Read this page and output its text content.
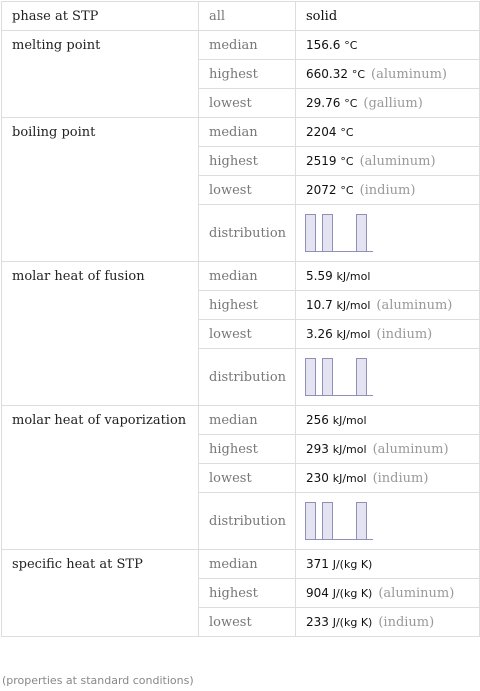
phase at STP	all	solid
melting point	median	156.6 °C
	highest	660.32 °C (aluminum)
	lowest	29.76 °C (gallium)
boiling point	median	2204 °C
	highest	2519 °C (aluminum)
	lowest	2072 °C (indium)
	distribution	

molar heat of fusion	median	5.59 kJ/mol
	highest	10.7 kJ/mol (aluminum)
	lowest	3.26 kJ/mol (indium)
	distribution	

molar heat of vaporization	median	256 kJ/mol
	highest	293 kJ/mol (aluminum)
	lowest	230 kJ/mol (indium)
	distribution	

specific heat at STP	median	371 J/(kg K)
	highest	904 J/(kg K) (aluminum)
	lowest	233 J/(kg K) (indium)
(properties at standard conditions)
